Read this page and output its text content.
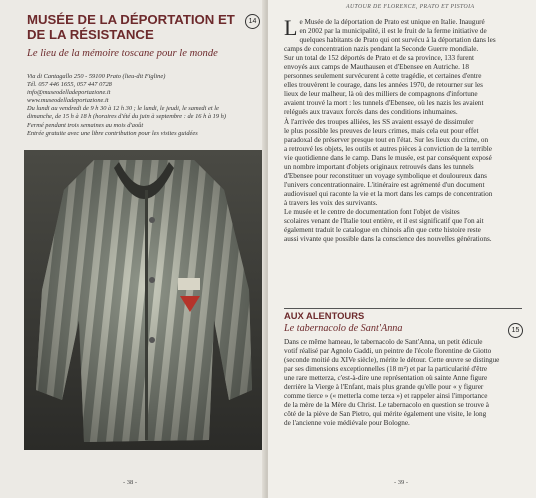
MUSÉE DE LA DÉPORTATION ET
DE LA RÉSISTANCE
14
Le lieu de la mémoire toscane pour le monde
Via di Cantagallo 250 - 59100 Prato (lieu-dit Figline)
Tél. 057 446 1655, 057 447 0728
info@museodelladeportazione.it
www.museodelladeportazione.it
Du lundi au vendredi de 9 h 30 à 12 h 30 ; le lundi, le jeudi, le samedi et le
dimanche, de 15 h à 18 h (horaires d'été du juin à septembre : de 16 h à 19 h)
Fermé pendant trois semaines au mois d'août
Entrée gratuite avec une libre contribution pour les visites guidées
- 38 -
AUTOUR DE FLORENCE, PRATO ET PISTOIA
L e Musée de la déportation de Prato est unique en Italie. Inauguré
en 2002 par la municipalité, il est le fruit de la ferme initiative de
quelques habitants de Prato qui ont survécu à la déportation dans les
camps de concentration nazis pendant la Seconde Guerre mondiale.
Sur un total de 152 déportés de Prato et de sa province, 133 furent
envoyés aux camps de Mauthausen et d'Ebensee en Autriche. 18
personnes seulement survécurent à cette tragédie, et certaines d'entre
elles trouvèrent le courage, dans les années 1970, de retourner sur les
lieux de leur malheur, là où des milliers de compagnons d'infortune
avaient trouvé la mort : les tunnels d'Ebensee, où les nazis les avaient
relégués aux travaux forcés dans des conditions inhumaines.
À l'arrivée des troupes alliées, les SS avaient essayé de dissimuler
le plus possible les preuves de leurs crimes, mais cela eut pour effet
paradoxal de préserver presque tout en l'état. Sur les lieux du crime, on
a retrouvé les objets, les outils et autres pièces à conviction de la terrible
vie quotidienne dans le camp. Dans le musée, est par conséquent exposé
un nombre important d'objets originaux retrouvés dans les tunnels
d'Ebensee pour reconstituer un voyage symbolique et douloureux dans
l'univers concentrationnaire. L'itinéraire est agrémenté d'un document
audiovisuel qui raconte la vie et la mort dans les camps de concentration
à travers les voix des survivants.
Le musée et le centre de documentation font l'objet de visites
scolaires venant de l'Italie tout entière, et il est significatif que l'on ait
également traduit le catalogue en chinois afin que cette histoire reste
aussi vivante que possible dans la conscience des nouvelles générations.
AUX ALENTOURS
Le tabernacolo de Sant'Anna	15
Dans ce même hameau, le tabernacolo de Sant'Anna, un petit édicule
votif réalisé par Agnolo Gaddi, un peintre de l'école florentine de Giotto
(seconde moitié du XIVe siècle), mérite le détour. Cette œuvre se distingue
par ses dimensions exceptionnelles (18 m²) et par la particularité d'être
une rare metterza, c'est-à-dire une représentation où sainte Anne figure
derrière la Vierge à l'Enfant, mais plus grande qu'elle pour « y figurer
comme tierce » (« metterla come terza ») et rappeler ainsi l'importance
de la mère de la Mère du Christ. Le tabernacolo en question se trouve à
côté de la piève de San Pietro, qui mérite également une visite, le long
de l'ancienne voie médiévale pour Bologne.
- 39 -
